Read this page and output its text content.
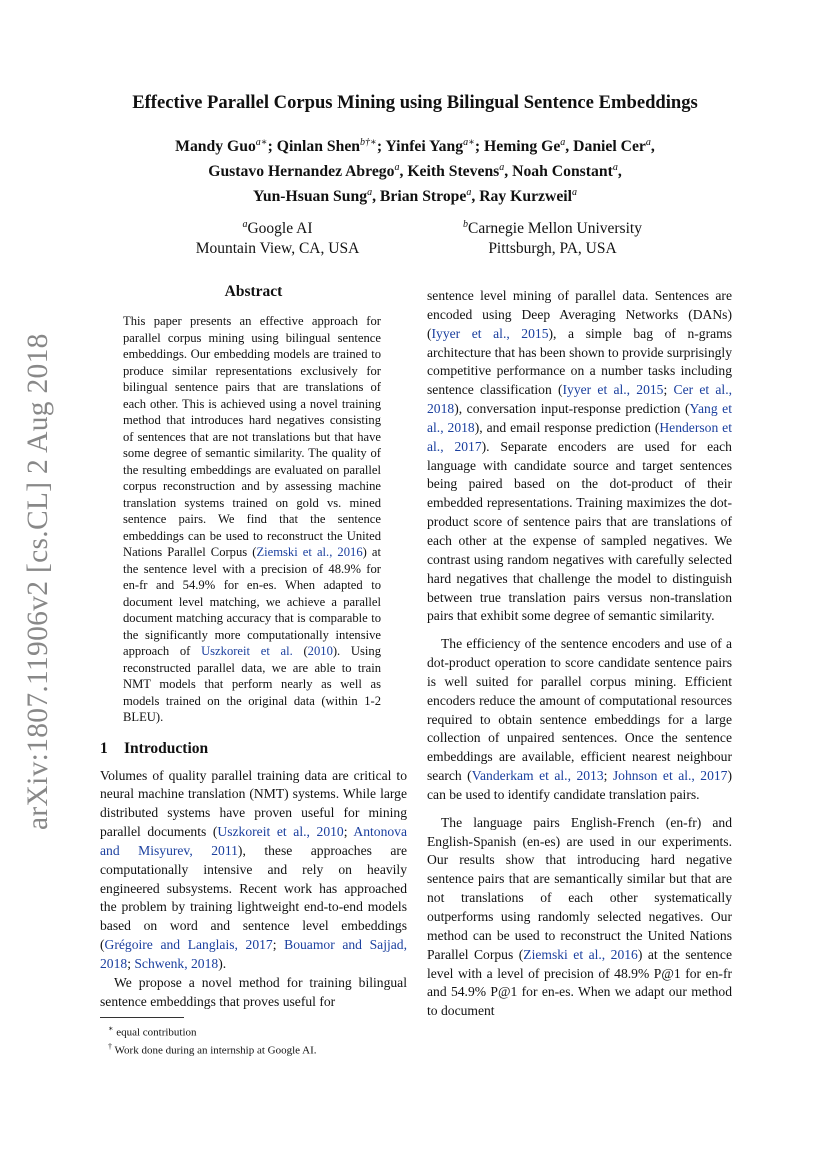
arXiv:1807.11906v2 [cs.CL] 2 Aug 2018
Effective Parallel Corpus Mining using Bilingual Sentence Embeddings
Mandy Guo$^{a∗}$; Qinlan Shen$^{b\dagger∗}$; Yinfei Yang$^{a∗}$; Heming Ge$^a$, Daniel Cer$^a$,
Gustavo Hernandez Abrego$^a$, Keith Stevens$^a$, Noah Constant$^a$,
Yun-Hsuan Sung$^a$, Brian Strope$^a$, Ray Kurzweil$^a$
$^a$Google AI
Mountain View, CA, USA
$^b$Carnegie Mellon University
Pittsburgh, PA, USA
Abstract

This paper presents an effective approach for parallel corpus mining using bilingual sentence embeddings. Our embedding models are trained to produce similar representations exclusively for bilingual sentence pairs that are translations of each other. This is achieved using a novel training method that introduces hard negatives consisting of sentences that are not translations but that have some degree of semantic similarity. The quality of the resulting embeddings are evaluated on parallel corpus reconstruction and by assessing machine translation systems trained on gold vs. mined sentence pairs. We find that the sentence embeddings can be used to reconstruct the United Nations Parallel Corpus (Ziemski et al., 2016) at the sentence level with a precision of 48.9% for en-fr and 54.9% for en-es. When adapted to document level matching, we achieve a parallel document matching accuracy that is comparable to the significantly more computationally intensive approach of Uszkoreit et al. (2010). Using reconstructed parallel data, we are able to train NMT models that perform nearly as well as models trained on the original data (within 1-2 BLEU).

1 Introduction

Volumes of quality parallel training data are critical to neural machine translation (NMT) systems. While large distributed systems have proven useful for mining parallel documents (Uszkoreit et al., 2010; Antonova and Misyurev, 2011), these approaches are computationally intensive and rely on heavily engineered subsystems. Recent work has approached the problem by training lightweight end-to-end models based on word and sentence level embeddings (Grégoire and Langlais, 2017; Bouamor and Sajjad, 2018; Schwenk, 2018).

We propose a novel method for training bilingual sentence embeddings that proves useful for

∗ equal contribution

† Work done during an internship at Google AI.

sentence level mining of parallel data. Sentences are encoded using Deep Averaging Networks (DANs) (Iyyer et al., 2015), a simple bag of n-grams architecture that has been shown to provide surprisingly competitive performance on a number tasks including sentence classification (Iyyer et al., 2015; Cer et al., 2018), conversation input-response prediction (Yang et al., 2018), and email response prediction (Henderson et al., 2017). Separate encoders are used for each language with candidate source and target sentences being paired based on the dot-product of their embedded representations. Training maximizes the dot-product score of sentence pairs that are translations of each other at the expense of sampled negatives. We contrast using random negatives with carefully selected hard negatives that challenge the model to distinguish between true translation pairs versus non-translation pairs that exhibit some degree of semantic similarity.

The efficiency of the sentence encoders and use of a dot-product operation to score candidate sentence pairs is well suited for parallel corpus mining. Efficient encoders reduce the amount of computational resources required to obtain sentence embeddings for a large collection of unpaired sentences. Once the sentence embeddings are available, efficient nearest neighbour search (Vanderkam et al., 2013; Johnson et al., 2017) can be used to identify candidate translation pairs.

The language pairs English-French (en-fr) and English-Spanish (en-es) are used in our experiments. Our results show that introducing hard negative sentence pairs that are semantically similar but that are not translations of each other systematically outperforms using randomly selected negatives. Our method can be used to reconstruct the United Nations Parallel Corpus (Ziemski et al., 2016) at the sentence level with a level of precision of 48.9% P@1 for en-fr and 54.9% P@1 for en-es. When we adapt our method to document
